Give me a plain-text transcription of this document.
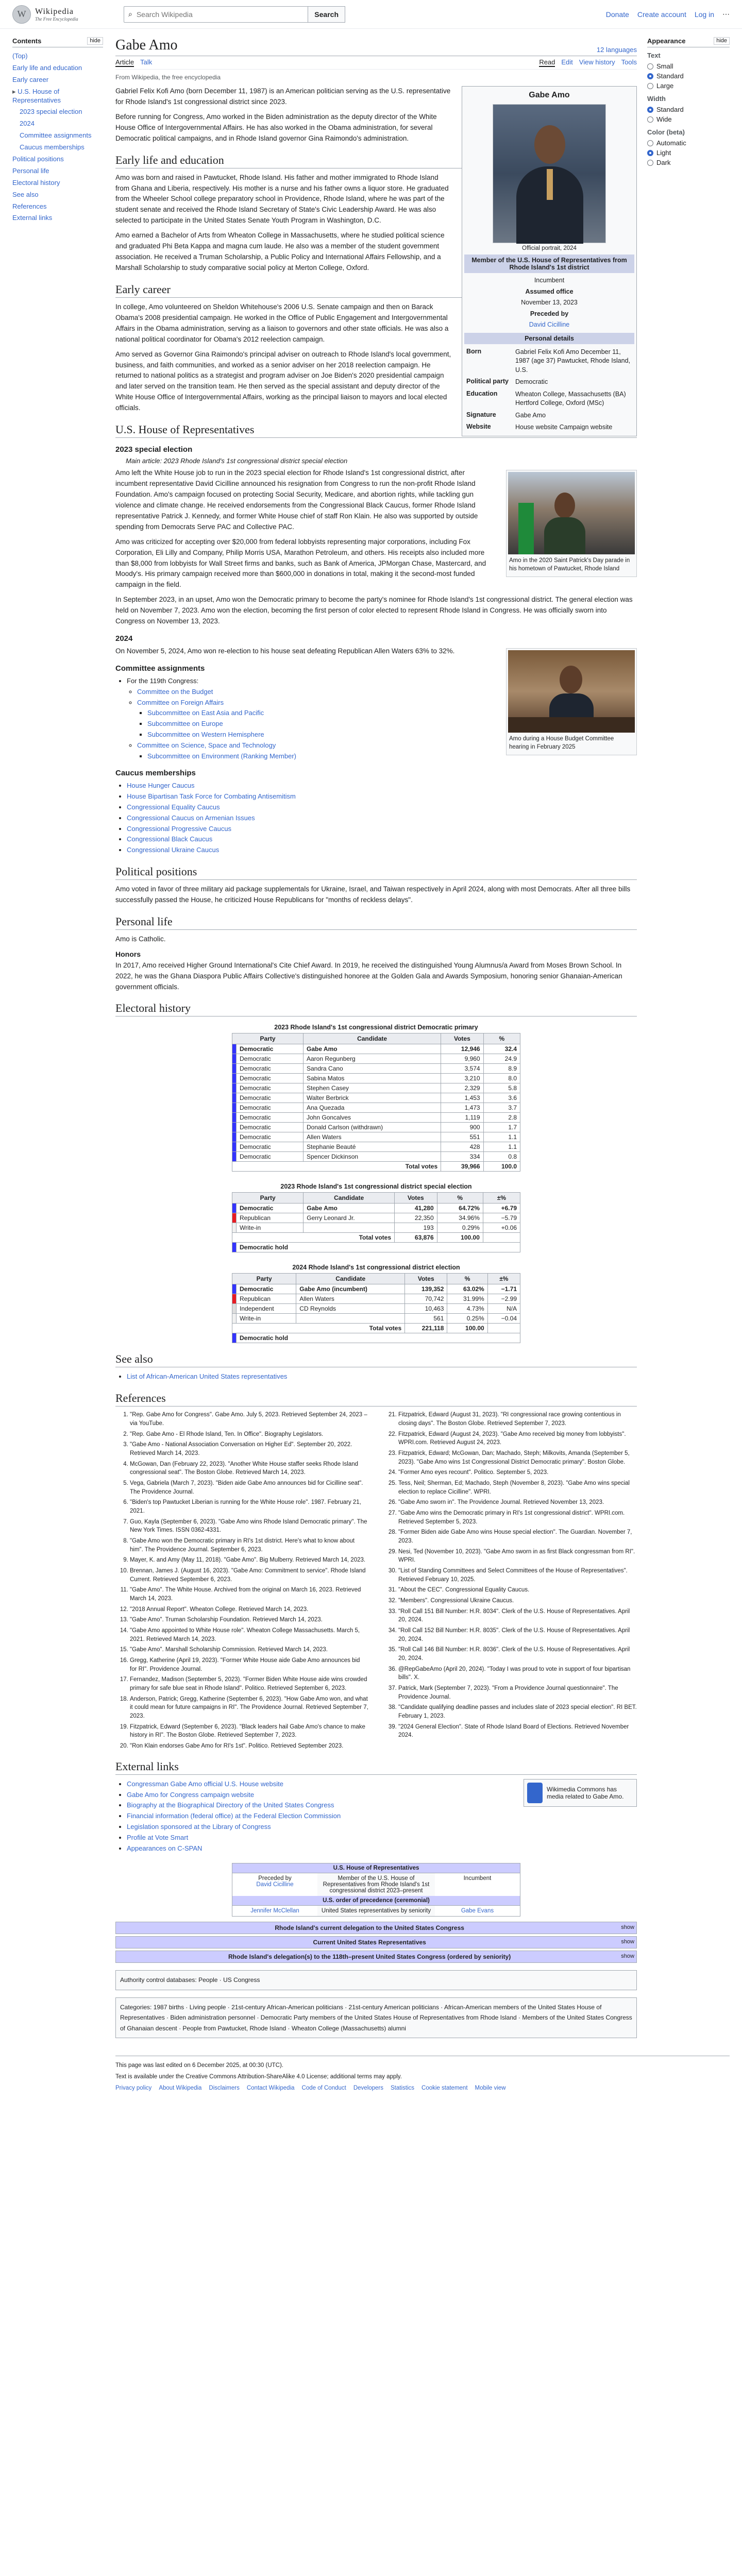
W	Wikipedia
The Free Encyclopedia
⌕
Search Wikipedia	Search	Donate Create account Log in ⋯
Contents	hide
(Top)
Early life and education
Early career
▸ U.S. House of Representatives
2023 special election
2024
Committee assignments
Caucus memberships
Political positions
Personal life
Electoral history
See also
References
External links
Gabe Amo	12 languages
Article Talk	Read Edit View history Tools
From Wikipedia, the free encyclopedia
Gabe Amo
Official portrait, 2024
Member of the U.S. House of Representatives from Rhode Island's 1st district
Incumbent
Assumed office
November 13, 2023
Preceded by
David Cicilline
Personal details
Born	Gabriel Felix Kofi Amo December 11, 1987 (age 37) Pawtucket, Rhode Island, U.S.
Political party	Democratic
Education	Wheaton College, Massachusetts (BA) Hertford College, Oxford (MSc)
Signature	Gabe Amo
Website	House website Campaign website

Gabriel Felix Kofi Amo (born December 11, 1987) is an American politician serving as the U.S. representative for Rhode Island's 1st congressional district since 2023.

Before running for Congress, Amo worked in the Biden administration as the deputy director of the White House Office of Intergovernmental Affairs. He has also worked in the Obama administration, for several Democratic political campaigns, and in Rhode Island governor Gina Raimondo's administration.

Early life and education

Amo was born and raised in Pawtucket, Rhode Island. His father and mother immigrated to Rhode Island from Ghana and Liberia, respectively. His mother is a nurse and his father owns a liquor store. He graduated from the Wheeler School college preparatory school in Providence, Rhode Island, where he was part of the student senate and received the Rhode Island Secretary of State's Civic Leadership Award. He was also selected to participate in the United States Senate Youth Program in Washington, D.C.

Amo earned a Bachelor of Arts from Wheaton College in Massachusetts, where he studied political science and graduated Phi Beta Kappa and magna cum laude. He also was a member of the student government association. He received a Truman Scholarship, a Public Policy and International Affairs Fellowship, and a Marshall Scholarship to study comparative social policy at Merton College, Oxford.

Early career

In college, Amo volunteered on Sheldon Whitehouse's 2006 U.S. Senate campaign and then on Barack Obama's 2008 presidential campaign. He worked in the Office of Public Engagement and Intergovernmental Affairs in the Obama administration, serving as a liaison to governors and other state officials. He was also a national political coordinator for Obama's 2012 reelection campaign.

Amo served as Governor Gina Raimondo's principal adviser on outreach to Rhode Island's local government, business, and faith communities, and worked as a senior adviser on her 2018 reelection campaign. He returned to national politics as a strategist and program adviser on Joe Biden's 2020 presidential campaign and later served on the transition team. He then served as the special assistant and deputy director of the White House Office of Intergovernmental Affairs, working as the principal liaison to mayors and local elected officials.

U.S. House of Representatives
2023 special election
Main article: 2023 Rhode Island's 1st congressional district special election
Amo in the 2020 Saint Patrick's Day parade in his hometown of Pawtucket, Rhode Island

Amo left the White House job to run in the 2023 special election for Rhode Island's 1st congressional district, after incumbent representative David Cicilline announced his resignation from Congress to run the non-profit Rhode Island Foundation. Amo's campaign focused on protecting Social Security, Medicare, and abortion rights, while tackling gun violence and climate change. He received endorsements from the Congressional Black Caucus, former Rhode Island representative Patrick J. Kennedy, and former White House chief of staff Ron Klain. He also was supported by outside spending from Democrats Serve PAC and Collective PAC.

Amo was criticized for accepting over $20,000 from federal lobbyists representing major corporations, including Fox Corporation, Eli Lilly and Company, Philip Morris USA, Marathon Petroleum, and others. His receipts also included more than $8,000 from lobbyists for Wall Street firms and banks, such as Bank of America, JPMorgan Chase, Mastercard, and Moody's. His primary campaign received more than $600,000 in donations in total, making it the second-most funded campaign in the field.

In September 2023, in an upset, Amo won the Democratic primary to become the party's nominee for Rhode Island's 1st congressional district. The general election was held on November 7, 2023. Amo won the election, becoming the first person of color elected to represent Rhode Island in Congress. He was officially sworn into Congress on November 13, 2023.

2024
Amo during a House Budget Committee hearing in February 2025

On November 5, 2024, Amo won re-election to his house seat defeating Republican Allen Waters 63% to 32%.

Committee assignments
• For the 119th Congress:
◦ Committee on the Budget
◦ Committee on Foreign Affairs
▪ Subcommittee on East Asia and Pacific
▪ Subcommittee on Europe
▪ Subcommittee on Western Hemisphere
◦ Committee on Science, Space and Technology
▪ Subcommittee on Environment (Ranking Member)
Caucus memberships
• House Hunger Caucus
• House Bipartisan Task Force for Combating Antisemitism
• Congressional Equality Caucus
• Congressional Caucus on Armenian Issues
• Congressional Progressive Caucus
• Congressional Black Caucus
• Congressional Ukraine Caucus
Political positions

Amo voted in favor of three military aid package supplementals for Ukraine, Israel, and Taiwan respectively in April 2024, along with most Democrats. After all three bills successfully passed the House, he criticized House Republicans for "months of reckless delays".

Personal life

Amo is Catholic.

Honors

In 2017, Amo received Higher Ground International's Cite Chief Award. In 2019, he received the distinguished Young Alumnus/a Award from Moses Brown School. In 2022, he was the Ghana Diaspora Public Affairs Collective's distinguished honoree at the Golden Gala and Awards Symposium, honoring senior Ghanaian-American government officials.

Electoral history
2023 Rhode Island's 1st congressional district Democratic primary
Party		Candidate	Votes	%
	Democratic	Gabe Amo	12,946	32.4
	Democratic	Aaron Regunberg	9,960	24.9
	Democratic	Sandra Cano	3,574	8.9
	Democratic	Sabina Matos	3,210	8.0
	Democratic	Stephen Casey	2,329	5.8
	Democratic	Walter Berbrick	1,453	3.6
	Democratic	Ana Quezada	1,473	3.7
	Democratic	John Goncalves	1,119	2.8
	Democratic	Donald Carlson (withdrawn)	900	1.7
	Democratic	Allen Waters	551	1.1
	Democratic	Stephanie Beauté	428	1.1
	Democratic	Spencer Dickinson	334	0.8
Total votes			39,966	100.0
2023 Rhode Island's 1st congressional district special election
Party		Candidate	Votes	%	±%
	Democratic	Gabe Amo	41,280	64.72%	+6.79
	Republican	Gerry Leonard Jr.	22,350	34.96%	−5.79
	Write-in		193	0.29%	+0.06
Total votes			63,876	100.00	
	Democratic hold				
2024 Rhode Island's 1st congressional district election
Party		Candidate	Votes	%	±%
	Democratic	Gabe Amo (incumbent)	139,352	63.02%	−1.71
	Republican	Allen Waters	70,742	31.99%	−2.99
	Independent	CD Reynolds	10,463	4.73%	N/A
	Write-in		561	0.25%	−0.04
Total votes			221,118	100.00	
	Democratic hold				
See also
• List of African-American United States representatives
References
1. "Rep. Gabe Amo for Congress". Gabe Amo. July 5, 2023. Retrieved September 24, 2023 – via YouTube.
2. "Rep. Gabe Amo - El Rhode Island, Ten. In Office". Biography Legislators.
3. "Gabe Amo - National Association Conversation on Higher Ed". September 20, 2022. Retrieved March 14, 2023.
4. McGowan, Dan (February 22, 2023). "Another White House staffer seeks Rhode Island congressional seat". The Boston Globe. Retrieved March 14, 2023.
5. Vega, Gabriela (March 7, 2023). "Biden aide Gabe Amo announces bid for Cicilline seat". The Providence Journal.
6. "Biden's top Pawtucket Liberian is running for the White House role". 1987. February 21, 2021.
7. Guo, Kayla (September 6, 2023). "Gabe Amo wins Rhode Island Democratic primary". The New York Times. ISSN 0362-4331.
8. "Gabe Amo won the Democratic primary in RI's 1st district. Here's what to know about him". The Providence Journal. September 6, 2023.
9. Mayer, K. and Amy (May 11, 2018). "Gabe Amo". Big Mulberry. Retrieved March 14, 2023.
10. Brennan, James J. (August 16, 2023). "Gabe Amo: Commitment to service". Rhode Island Current. Retrieved September 6, 2023.
11. "Gabe Amo". The White House. Archived from the original on March 16, 2023. Retrieved March 14, 2023.
12. "2018 Annual Report". Wheaton College. Retrieved March 14, 2023.
13. "Gabe Amo". Truman Scholarship Foundation. Retrieved March 14, 2023.
14. "Gabe Amo appointed to White House role". Wheaton College Massachusetts. March 5, 2021. Retrieved March 14, 2023.
15. "Gabe Amo". Marshall Scholarship Commission. Retrieved March 14, 2023.
16. Gregg, Katherine (April 19, 2023). "Former White House aide Gabe Amo announces bid for RI". Providence Journal.
17. Fernandez, Madison (September 5, 2023). "Former Biden White House aide wins crowded primary for safe blue seat in Rhode Island". Politico. Retrieved September 6, 2023.
18. Anderson, Patrick; Gregg, Katherine (September 6, 2023). "How Gabe Amo won, and what it could mean for future campaigns in RI". The Providence Journal. Retrieved September 7, 2023.
19. Fitzpatrick, Edward (September 6, 2023). "Black leaders hail Gabe Amo's chance to make history in RI". The Boston Globe. Retrieved September 7, 2023.
20. "Ron Klain endorses Gabe Amo for RI's 1st". Politico. Retrieved September 2023.
21. Fitzpatrick, Edward (August 31, 2023). "RI congressional race growing contentious in closing days". The Boston Globe. Retrieved September 7, 2023.
22. Fitzpatrick, Edward (August 24, 2023). "Gabe Amo received big money from lobbyists". WPRI.com. Retrieved August 24, 2023.
23. Fitzpatrick, Edward; McGowan, Dan; Machado, Steph; Milkovits, Amanda (September 5, 2023). "Gabe Amo wins 1st Congressional District Democratic primary". Boston Globe.
24. "Former Amo eyes recount". Politico. September 5, 2023.
25. Tess, Neil; Sherman, Ed; Machado, Steph (November 8, 2023). "Gabe Amo wins special election to replace Cicilline". WPRI.
26. "Gabe Amo sworn in". The Providence Journal. Retrieved November 13, 2023.
27. "Gabe Amo wins the Democratic primary in RI's 1st congressional district". WPRI.com. Retrieved September 5, 2023.
28. "Former Biden aide Gabe Amo wins House special election". The Guardian. November 7, 2023.
29. Nesi, Ted (November 10, 2023). "Gabe Amo sworn in as first Black congressman from RI". WPRI.
30. "List of Standing Committees and Select Committees of the House of Representatives". Retrieved February 10, 2025.
31. "About the CEC". Congressional Equality Caucus.
32. "Members". Congressional Ukraine Caucus.
33. "Roll Call 151 Bill Number: H.R. 8034". Clerk of the U.S. House of Representatives. April 20, 2024.
34. "Roll Call 152 Bill Number: H.R. 8035". Clerk of the U.S. House of Representatives. April 20, 2024.
35. "Roll Call 146 Bill Number: H.R. 8036". Clerk of the U.S. House of Representatives. April 20, 2024.
36. @RepGabeAmo (April 20, 2024). "Today I was proud to vote in support of four bipartisan bills". X.
37. Patrick, Mark (September 7, 2023). "From a Providence Journal questionnaire". The Providence Journal.
38. "Candidate qualifying deadline passes and includes slate of 2023 special election". RI BET. February 1, 2023.
39. "2024 General Election". State of Rhode Island Board of Elections. Retrieved November 2024.
External links
Wikimedia Commons has media related to Gabe Amo.
• Congressman Gabe Amo official U.S. House website
• Gabe Amo for Congress campaign website
• Biography at the Biographical Directory of the United States Congress
• Financial information (federal office) at the Federal Election Commission
• Legislation sponsored at the Library of Congress
• Profile at Vote Smart
• Appearances on C-SPAN
U.S. House of Representatives
Preceded by
David Cicilline
Member of the U.S. House of Representatives from Rhode Island's 1st congressional district 2023–present
Incumbent
U.S. order of precedence (ceremonial)
Jennifer McClellan	United States representatives by seniority	Gabe Evans
Rhode Island's current delegation to the United States Congress	show
Current United States Representatives	show
Rhode Island's delegation(s) to the 118th–present United States Congress (ordered by seniority)	show
Authority control databases: People · US Congress
Categories: 1987 births · Living people · 21st-century African-American politicians · 21st-century American politicians · African-American members of the United States House of Representatives · Biden administration personnel · Democratic Party members of the United States House of Representatives from Rhode Island · Members of the United States Congress of Ghanaian descent · People from Pawtucket, Rhode Island · Wheaton College (Massachusetts) alumni
Appearance	hide
Text
Small
Standard
Large
Width
Standard
Wide
Color (beta)
Automatic
Light
Dark

This page was last edited on 6 December 2025, at 00:30 (UTC).

Text is available under the Creative Commons Attribution-ShareAlike 4.0 License; additional terms may apply.

Privacy policy About Wikipedia Disclaimers Contact Wikipedia Code of Conduct Developers Statistics Cookie statement Mobile view
